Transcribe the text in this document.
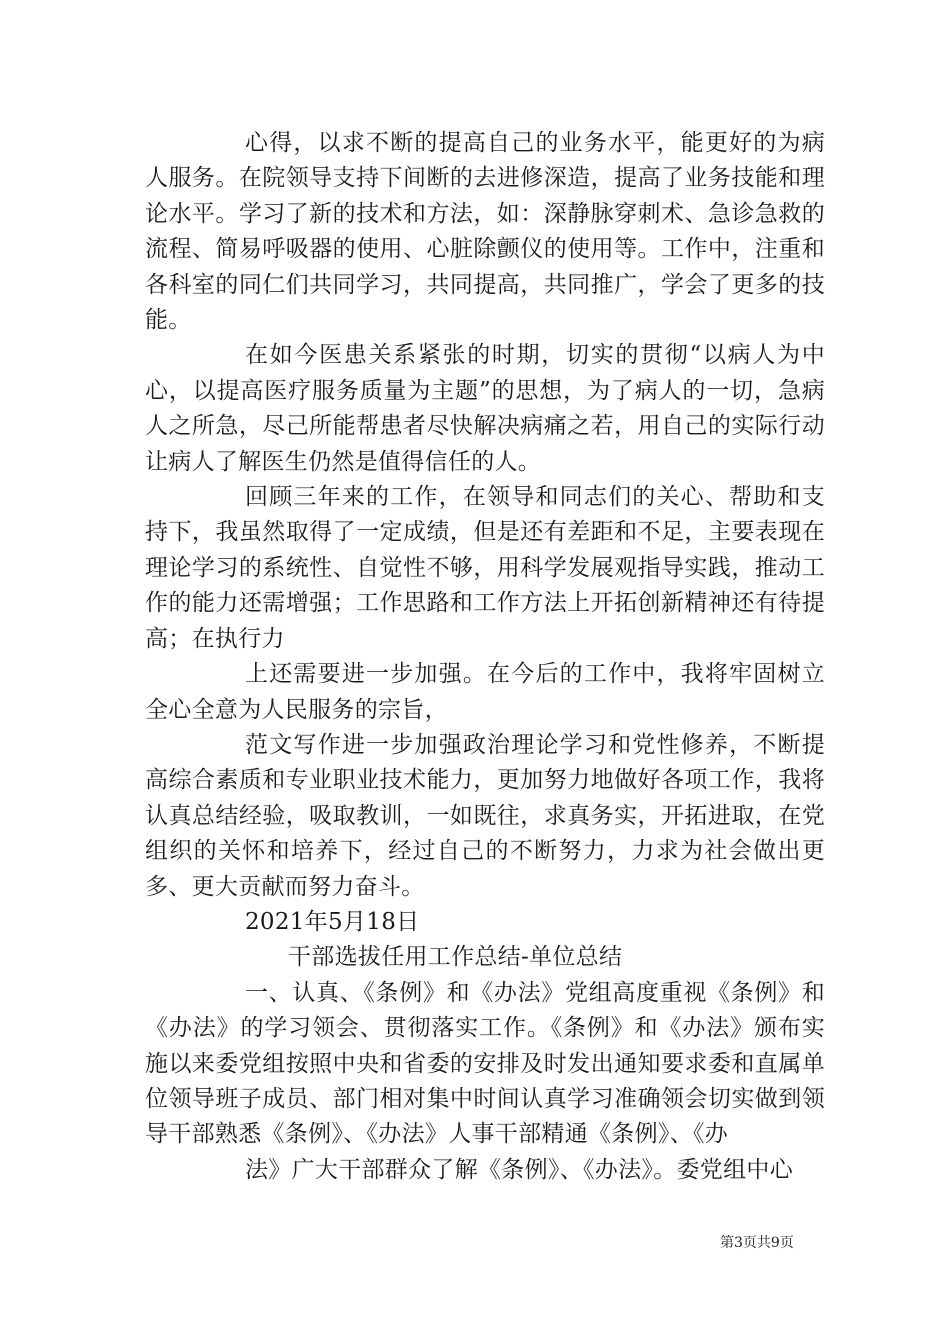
心得，以求不断的提高自己的业务水平，能更好的为病人服务。在院领导支持下间断的去进修深造，提高了业务技能和理论水平。学习了新的技术和方法，如：深静脉穿刺术、急诊急救的流程、简易呼吸器的使用、心脏除颤仪的使用等。工作中，注重和各科室的同仁们共同学习，共同提高，共同推广，学会了更多的技能。

在如今医患关系紧张的时期，切实的贯彻“以病人为中心，以提高医疗服务质量为主题”的思想，为了病人的一切，急病人之所急，尽己所能帮患者尽快解决病痛之若，用自己的实际行动让病人了解医生仍然是值得信任的人。

回顾三年来的工作，在领导和同志们的关心、帮助和支持下，我虽然取得了一定成绩，但是还有差距和不足，主要表现在理论学习的系统性、自觉性不够，用科学发展观指导实践，推动工作的能力还需增强；工作思路和工作方法上开拓创新精神还有待提高；在执行力

上还需要进一步加强。在今后的工作中，我将牢固树立全心全意为人民服务的宗旨，

范文写作进一步加强政治理论学习和党性修养，不断提高综合素质和专业职业技术能力，更加努力地做好各项工作，我将认真总结经验，吸取教训，一如既往，求真务实，开拓进取，在党组织的关怀和培养下，经过自己的不断努力，力求为社会做出更多、更大贡献而努力奋斗。

2021年5月18日

干部选拔任用工作总结-单位总结

一、认真、《条例》和《办法》党组高度重视《条例》和《办法》的学习领会、贯彻落实工作。《条例》和《办法》颁布实施以来委党组按照中央和省委的安排及时发出通知要求委和直属单位领导班子成员、部门相对集中时间认真学习准确领会切实做到领导干部熟悉《条例》、《办法》人事干部精通《条例》、《办

法》广大干部群众了解《条例》、《办法》。委党组中心

第3页共9页
